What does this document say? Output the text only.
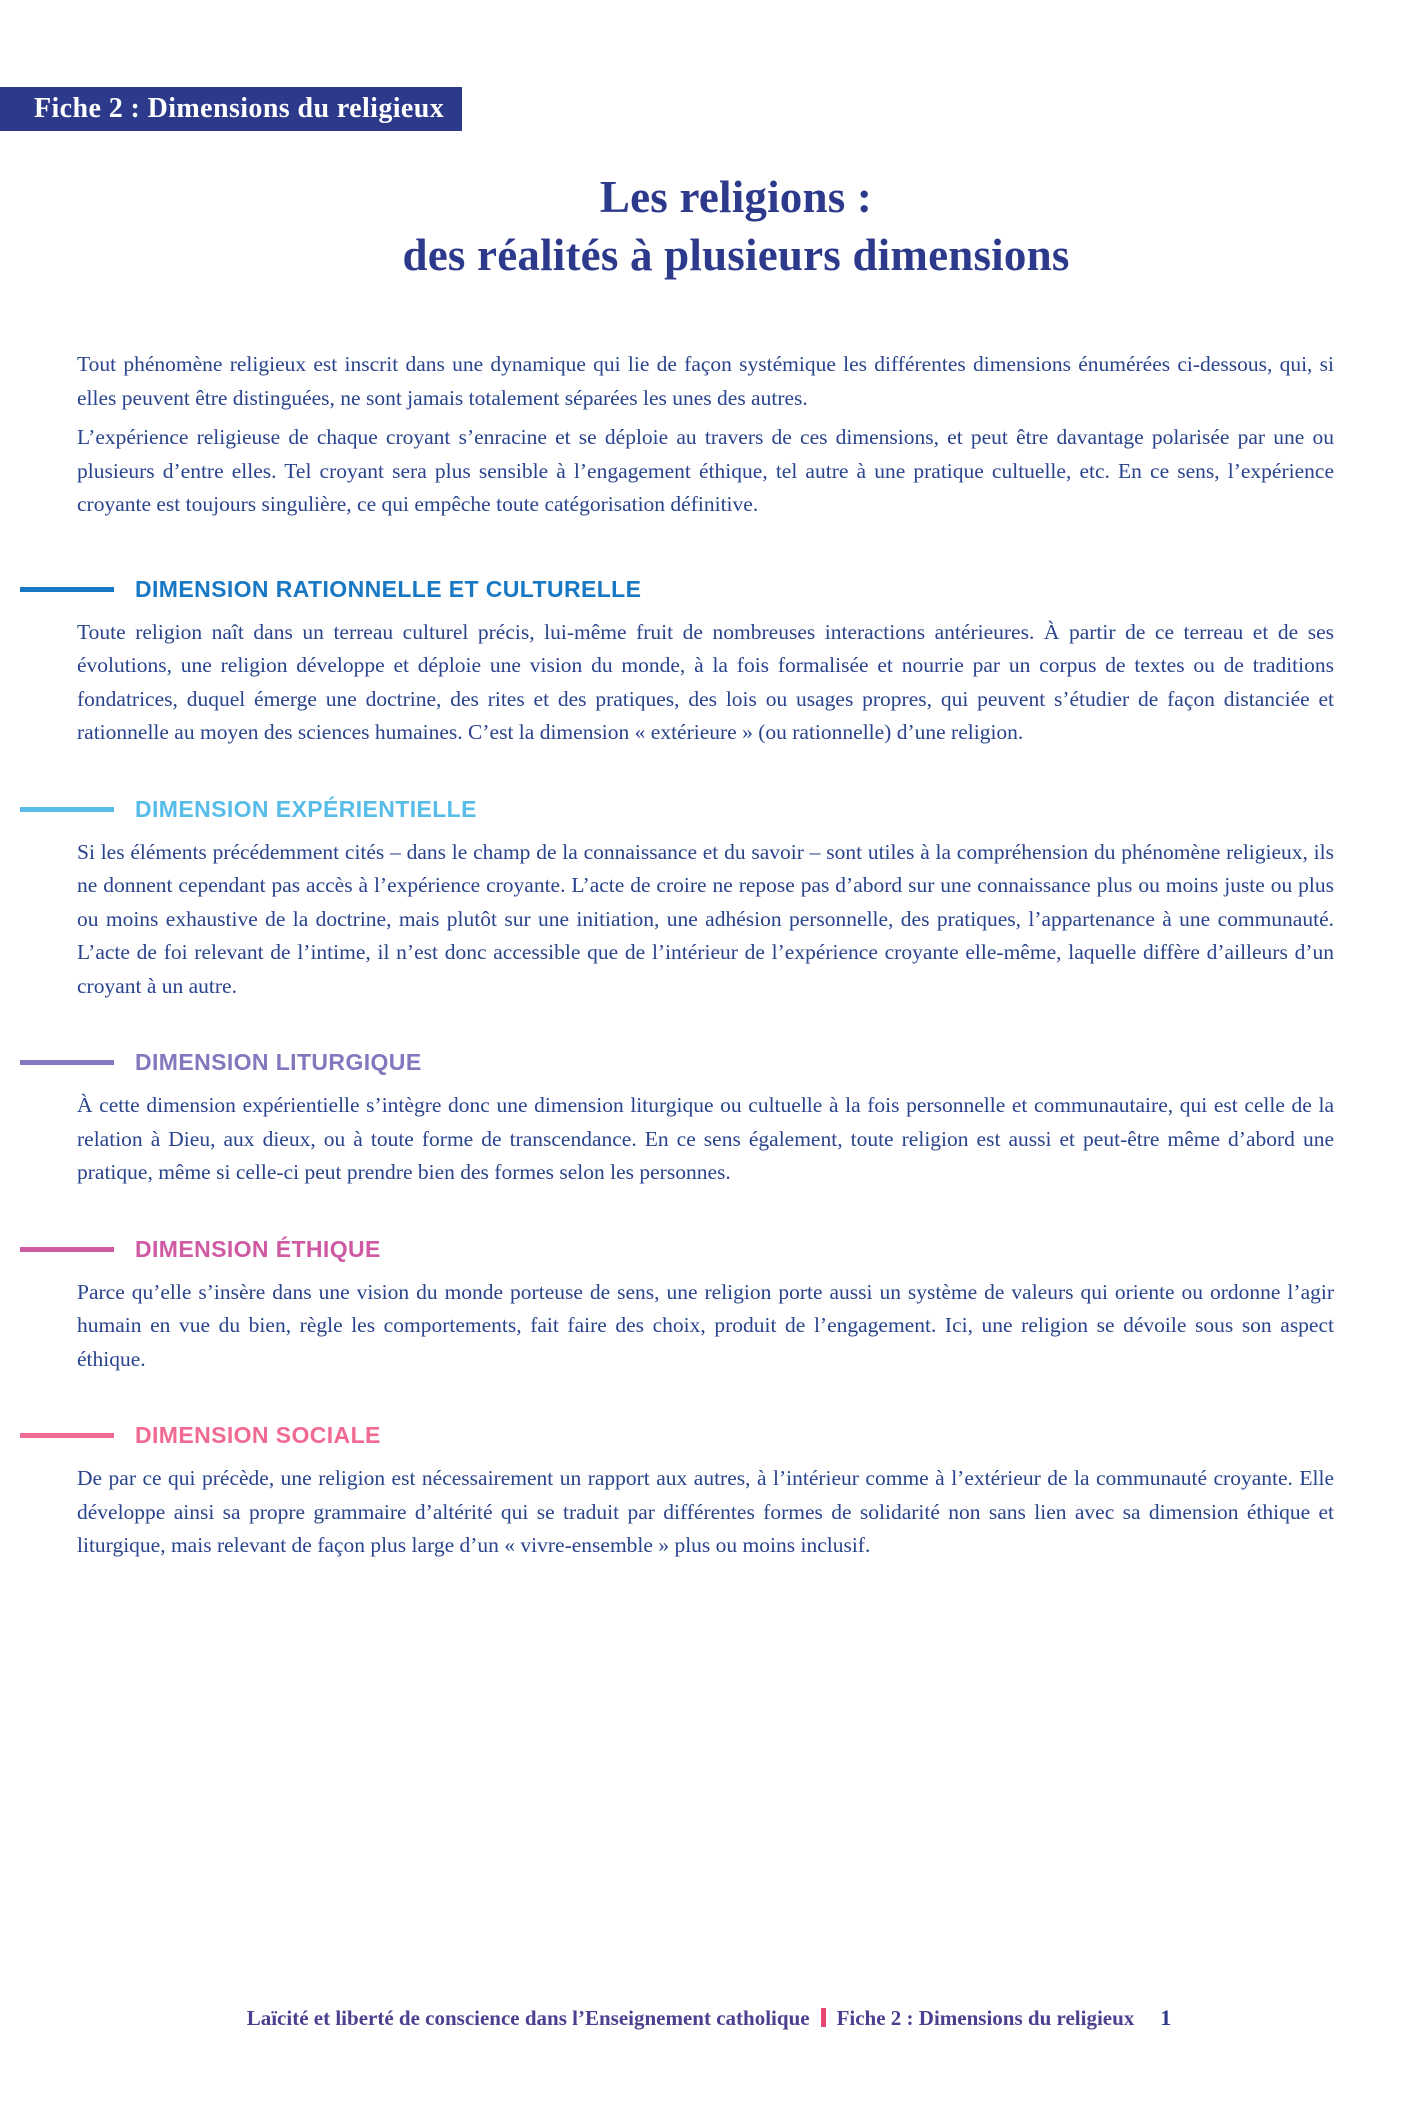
Fiche 2 : Dimensions du religieux
Les religions :
des réalités à plusieurs dimensions

Tout phénomène religieux est inscrit dans une dynamique qui lie de façon systémique les différentes dimensions énumérées ci-dessous, qui, si elles peuvent être distinguées, ne sont jamais totalement séparées les unes des autres.

L’expérience religieuse de chaque croyant s’enracine et se déploie au travers de ces dimensions, et peut être davantage polarisée par une ou plusieurs d’entre elles. Tel croyant sera plus sensible à l’engagement éthique, tel autre à une pratique cultuelle, etc. En ce sens, l’expérience croyante est toujours singulière, ce qui empêche toute catégorisation définitive.

DIMENSION RATIONNELLE ET CULTURELLE

Toute religion naît dans un terreau culturel précis, lui-même fruit de nombreuses interactions antérieures. À partir de ce terreau et de ses évolutions, une religion développe et déploie une vision du monde, à la fois formalisée et nourrie par un corpus de textes ou de traditions fondatrices, duquel émerge une doctrine, des rites et des pratiques, des lois ou usages propres, qui peuvent s’étudier de façon distanciée et rationnelle au moyen des sciences humaines. C’est la dimension « extérieure » (ou rationnelle) d’une religion.

DIMENSION EXPÉRIENTIELLE

Si les éléments précédemment cités – dans le champ de la connaissance et du savoir – sont utiles à la compréhension du phénomène religieux, ils ne donnent cependant pas accès à l’expérience croyante. L’acte de croire ne repose pas d’abord sur une connaissance plus ou moins juste ou plus ou moins exhaustive de la doctrine, mais plutôt sur une initiation, une adhésion personnelle, des pratiques, l’appartenance à une communauté. L’acte de foi relevant de l’intime, il n’est donc accessible que de l’intérieur de l’expérience croyante elle-même, laquelle diffère d’ailleurs d’un croyant à un autre.

DIMENSION LITURGIQUE

À cette dimension expérientielle s’intègre donc une dimension liturgique ou cultuelle à la fois personnelle et communautaire, qui est celle de la relation à Dieu, aux dieux, ou à toute forme de transcendance. En ce sens également, toute religion est aussi et peut-être même d’abord une pratique, même si celle-ci peut prendre bien des formes selon les personnes.

DIMENSION ÉTHIQUE

Parce qu’elle s’insère dans une vision du monde porteuse de sens, une religion porte aussi un système de valeurs qui oriente ou ordonne l’agir humain en vue du bien, règle les comportements, fait faire des choix, produit de l’engagement. Ici, une religion se dévoile sous son aspect éthique.

DIMENSION SOCIALE

De par ce qui précède, une religion est nécessairement un rapport aux autres, à l’intérieur comme à l’extérieur de la communauté croyante. Elle développe ainsi sa propre grammaire d’altérité qui se traduit par différentes formes de solidarité non sans lien avec sa dimension éthique et liturgique, mais relevant de façon plus large d’un « vivre-ensemble » plus ou moins inclusif.

Laïcité et liberté de conscience dans l’Enseignement catholique Fiche 2 : Dimensions du religieux 1
